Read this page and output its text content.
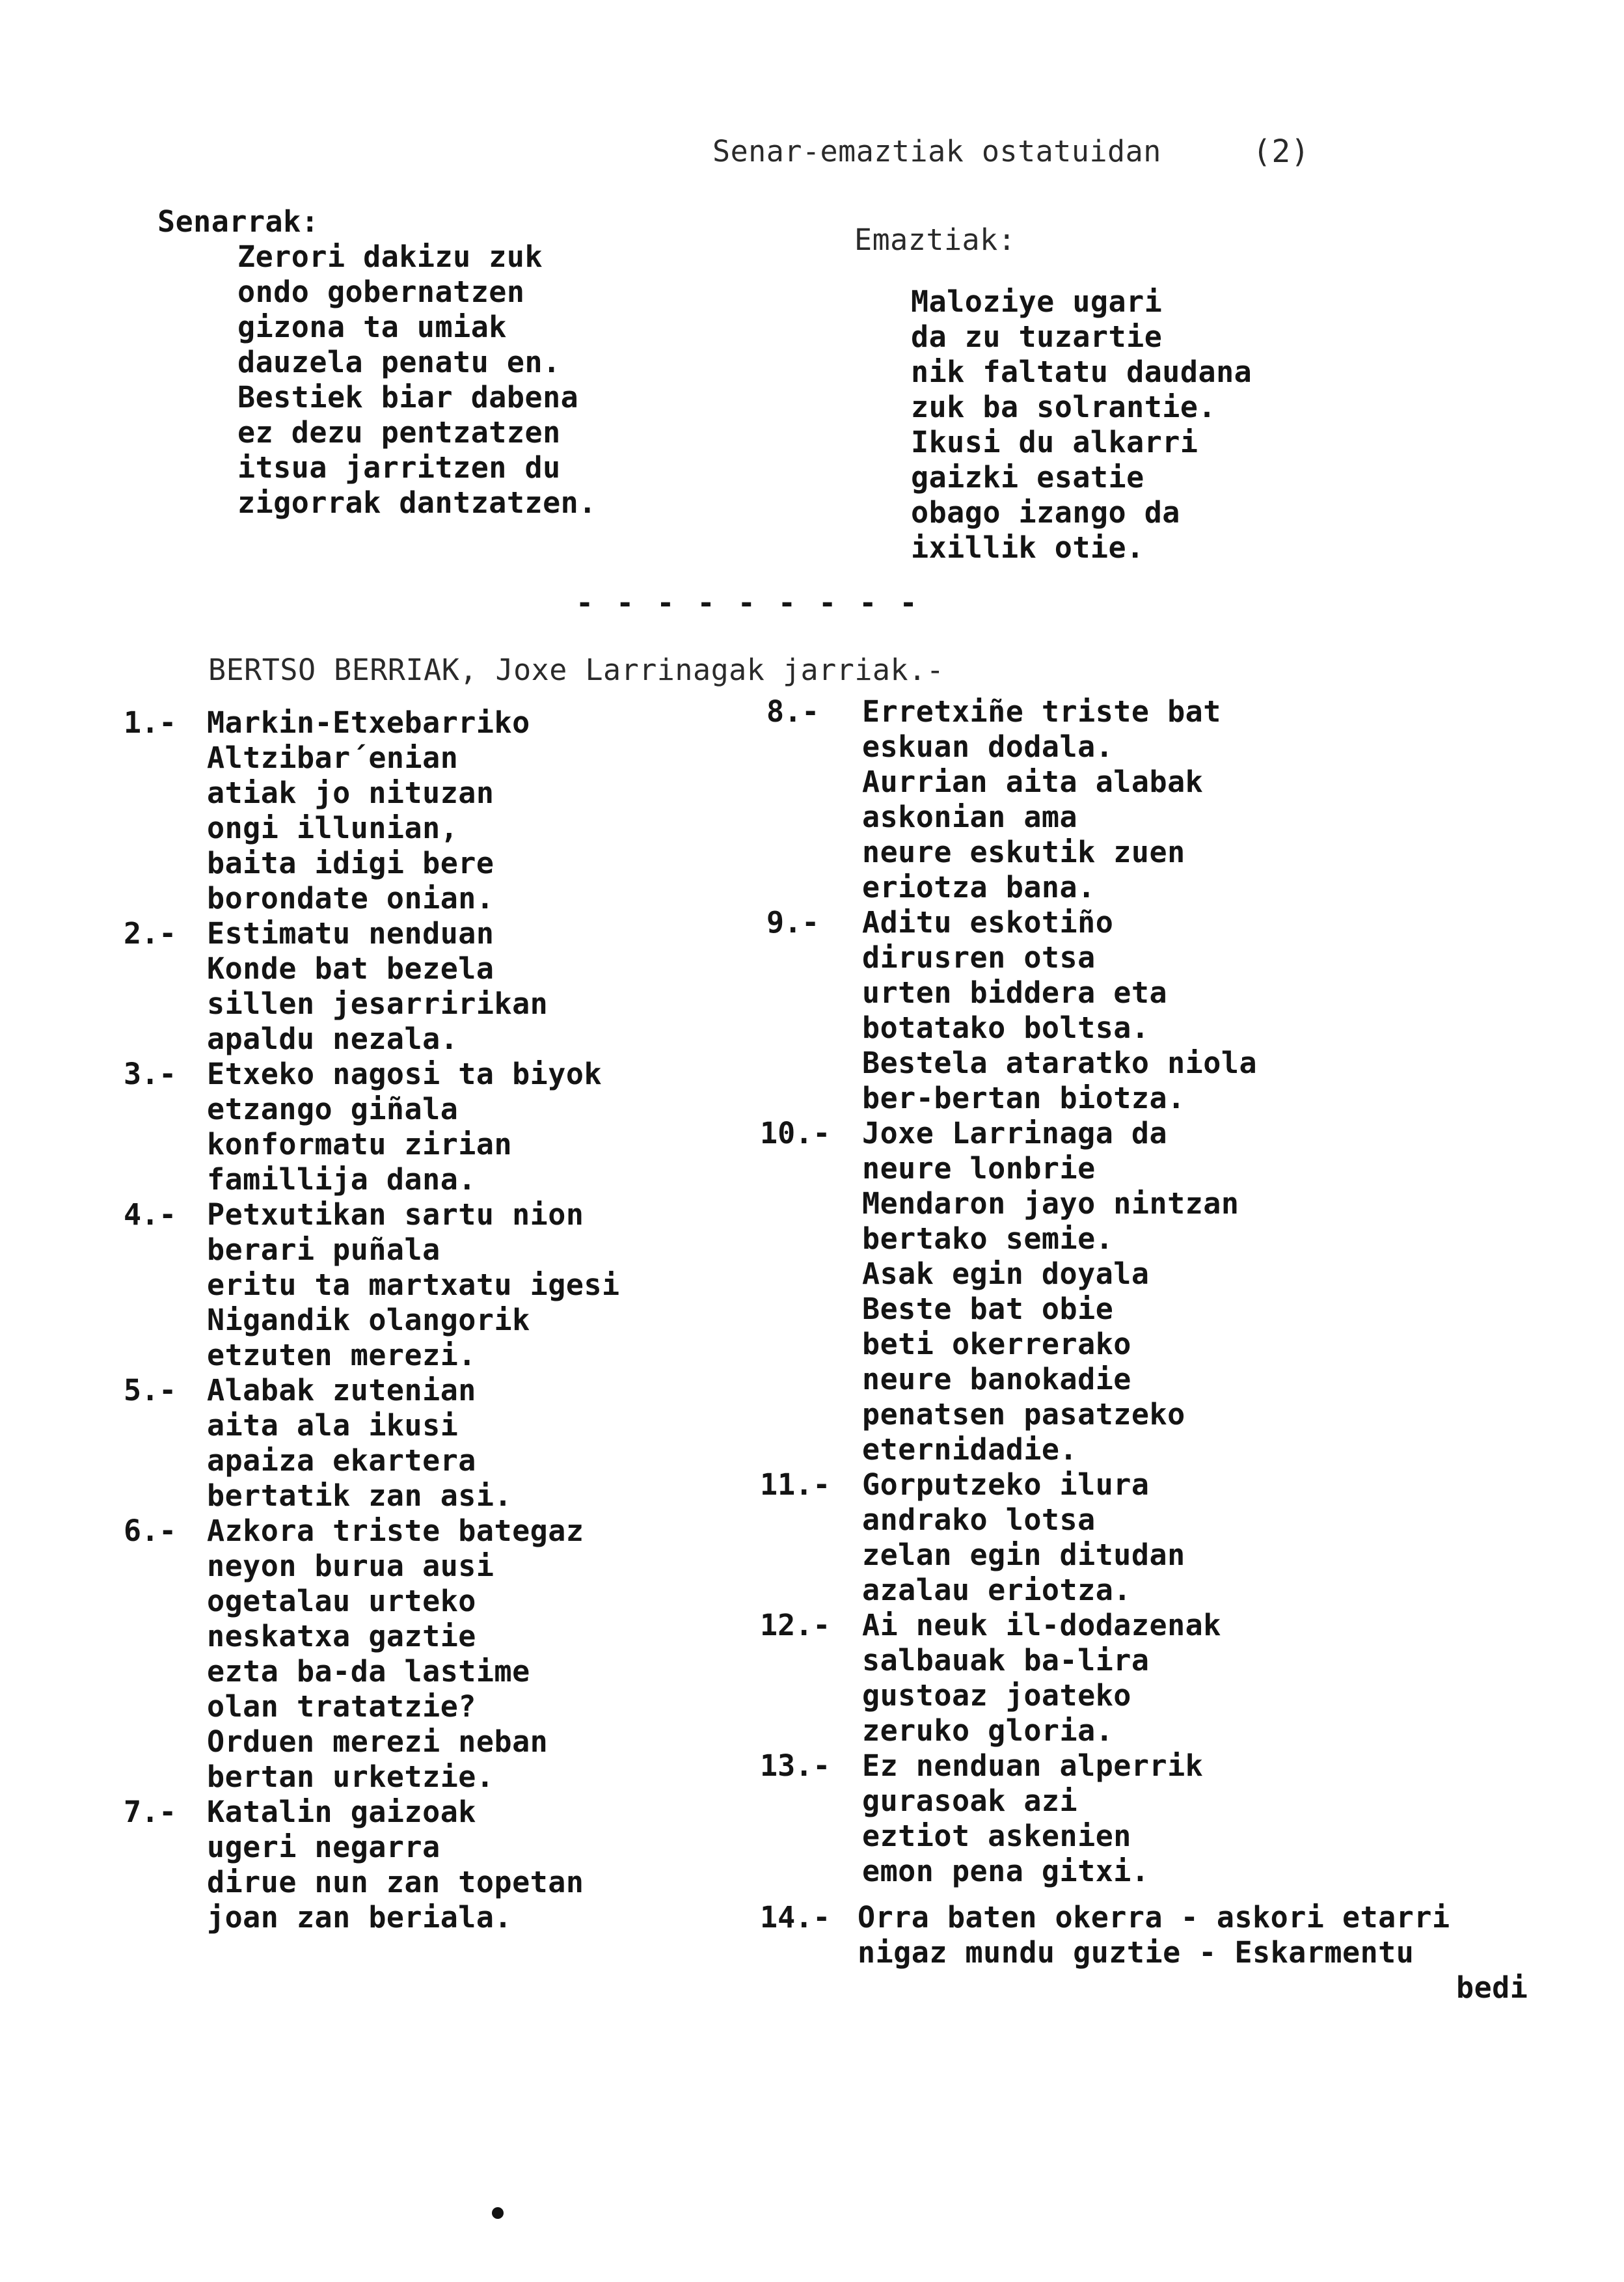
Senar-emaztiak ostatuidan	(2)
Senarrak:
Zerori dakizu zuk
ondo gobernatzen
gizona ta umiak
dauzela penatu en.
Bestiek biar dabena
ez dezu pentzatzen
itsua jarritzen du
zigorrak dantzatzen.
Emaztiak:
Maloziye ugari
da zu tuzartie
nik faltatu daudana
zuk ba solrantie.
Ikusi du alkarri
gaizki esatie
obago izango da
ixillik otie.
- - - - - - - - -
BERTSO BERRIAK, Joxe Larrinagak jarriak.-
1.- Markin-Etxebarriko
Altzibar´enian
atiak jo nituzan
ongi illunian,
baita idigi bere
borondate onian.
2.- Estimatu nenduan
Konde bat bezela
sillen jesarririkan
apaldu nezala.
3.- Etxeko nagosi ta biyok
etzango giñala
konformatu zirian
famillija dana.
4.- Petxutikan sartu nion
berari puñala
eritu ta martxatu igesi
Nigandik olangorik
etzuten merezi.
5.- Alabak zutenian
aita ala ikusi
apaiza ekartera
bertatik zan asi.
6.- Azkora triste bategaz
neyon burua ausi
ogetalau urteko
neskatxa gaztie
ezta ba-da lastime
olan tratatzie?
Orduen merezi neban
bertan urketzie.
7.- Katalin gaizoak
ugeri negarra
dirue nun zan topetan
joan zan beriala.
8.- Erretxiñe triste bat
eskuan dodala.
Aurrian aita alabak
askonian ama
neure eskutik zuen
eriotza bana.
9.- Aditu eskotiño
dirusren otsa
urten biddera eta
botatako boltsa.
Bestela ataratko niola
ber-bertan biotza.
10.- Joxe Larrinaga da
neure lonbrie
Mendaron jayo nintzan
bertako semie.
Asak egin doyala
Beste bat obie
beti okerrerako
neure banokadie
penatsen pasatzeko
eternidadie.
11.- Gorputzeko ilura
andrako lotsa
zelan egin ditudan
azalau eriotza.
12.- Ai neuk il-dodazenak
salbauak ba-lira
gustoaz joateko
zeruko gloria.
13.- Ez nenduan alperrik
gurasoak azi
eztiot askenien
emon pena gitxi.
14.- Orra baten okerra - askori etarri
nigaz mundu guztie - Eskarmentu
bedi
